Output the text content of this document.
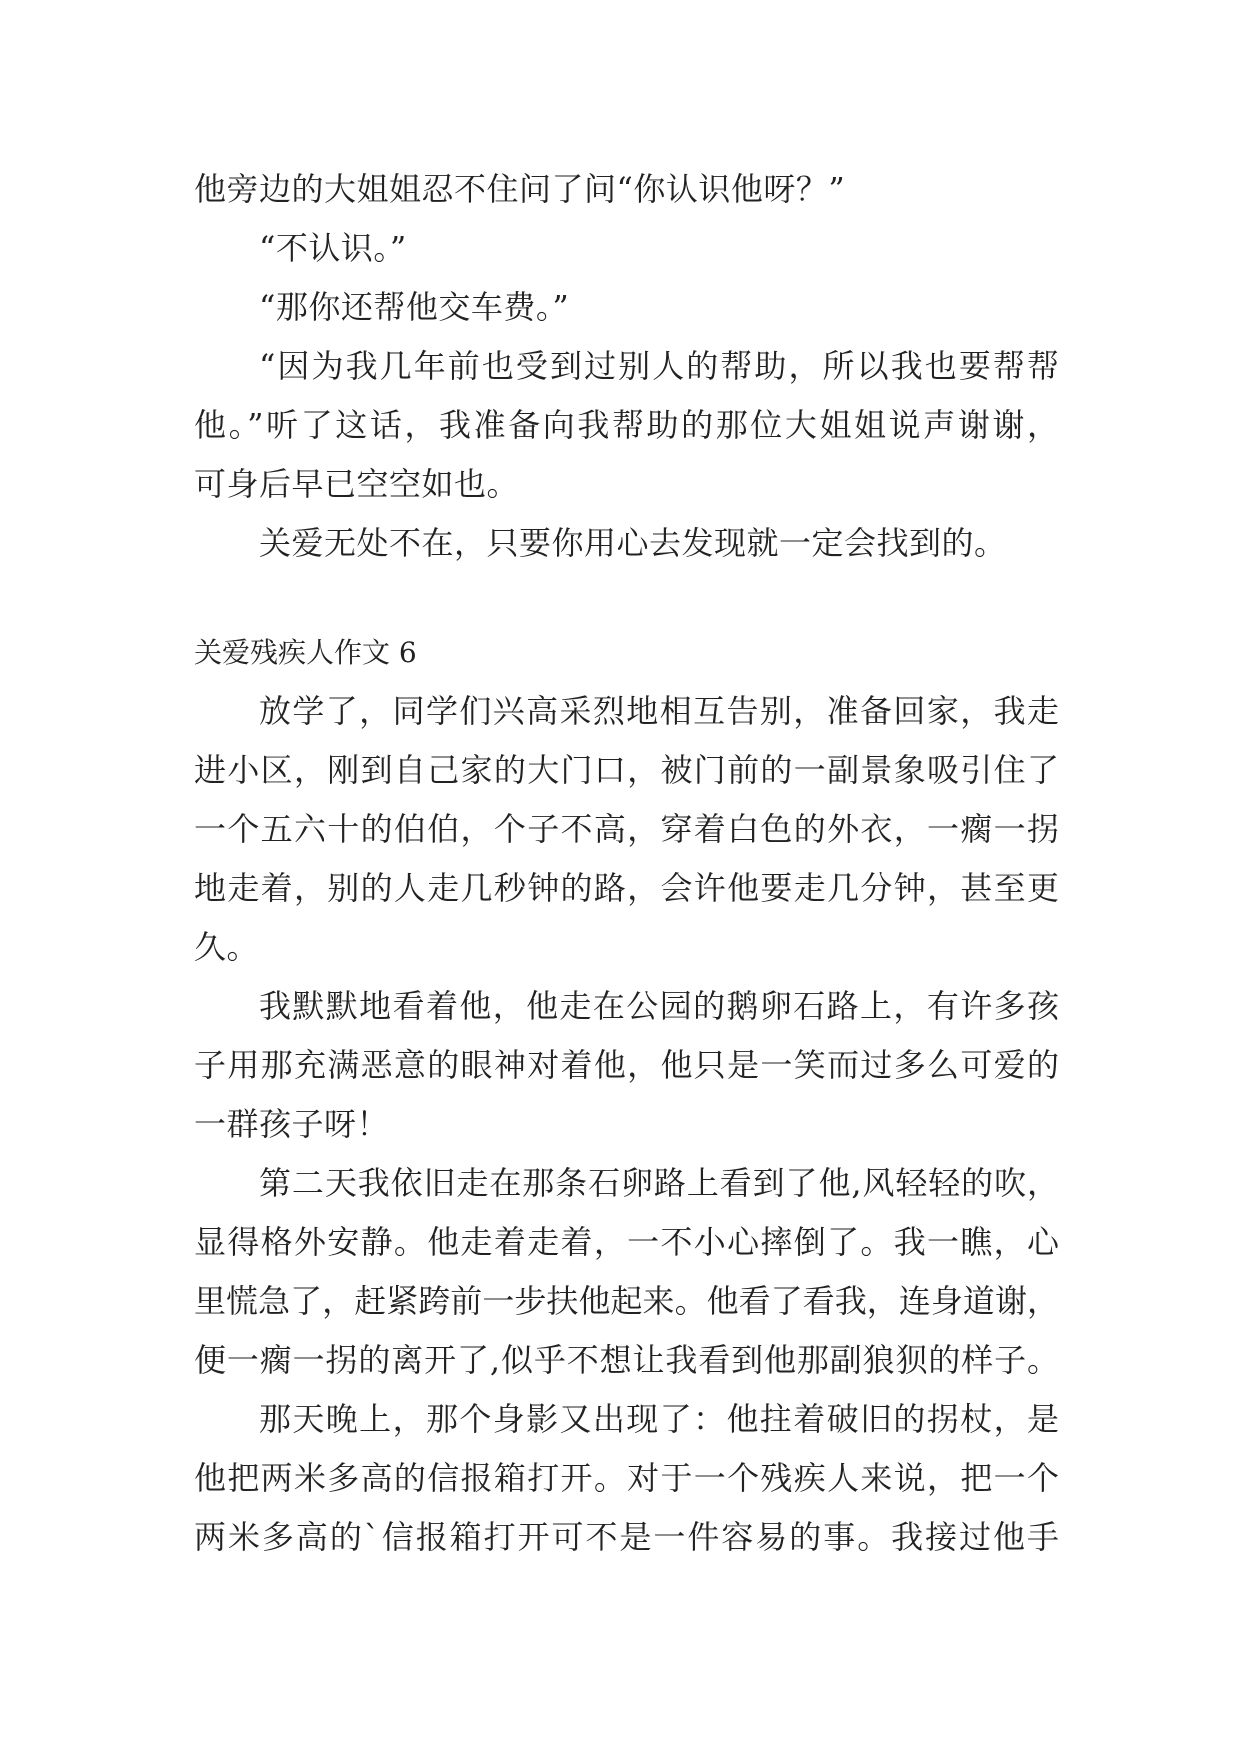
他旁边的大姐姐忍不住问了问“你认识他呀？”
“不认识。”
“那你还帮他交车费。”
“因为我几年前也受到过别人的帮助，所以我也要帮帮
他。”听了这话，我准备向我帮助的那位大姐姐说声谢谢，
可身后早已空空如也。
关爱无处不在，只要你用心去发现就一定会找到的。
关爱残疾人作文 6
放学了，同学们兴高采烈地相互告别，准备回家，我走
进小区，刚到自己家的大门口，被门前的一副景象吸引住了
一个五六十的伯伯，个子不高，穿着白色的外衣，一瘸一拐
地走着，别的人走几秒钟的路，会许他要走几分钟，甚至更
久。
我默默地看着他，他走在公园的鹅卵石路上，有许多孩
子用那充满恶意的眼神对着他，他只是一笑而过多么可爱的
一群孩子呀！
第二天我依旧走在那条石卵路上看到了他,风轻轻的吹，
显得格外安静。他走着走着，一不小心摔倒了。我一瞧，心
里慌急了，赶紧跨前一步扶他起来。他看了看我，连身道谢，
便一瘸一拐的离开了,似乎不想让我看到他那副狼狈的样子。
那天晚上，那个身影又出现了：他拄着破旧的拐杖，是
他把两米多高的信报箱打开。对于一个残疾人来说，把一个
两米多高的`信报箱打开可不是一件容易的事。我接过他手
